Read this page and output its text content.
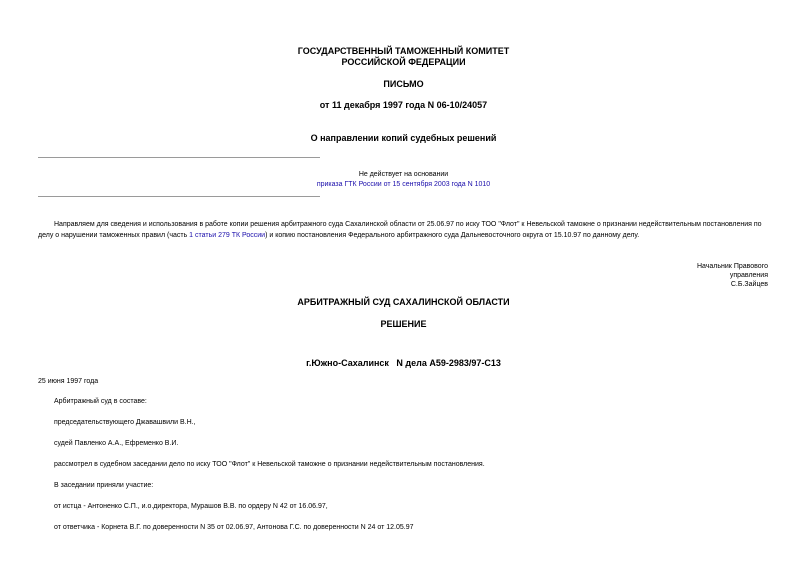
ГОСУДАРСТВЕННЫЙ ТАМОЖЕННЫЙ КОМИТЕТ
РОССИЙСКОЙ ФЕДЕРАЦИИ
ПИСЬМО
от 11 декабря 1997 года N 06-10/24057
О направлении копий судебных решений
Не действует на основании
приказа ГТК России от 15 сентября 2003 года N 1010
Направляем для сведения и использования в работе копии решения арбитражного суда Сахалинской области от 25.06.97 по иску ТОО "Флот" к Невельской таможне о признании недействительным постановления по делу о нарушении таможенных правил (часть 1 статьи 279 ТК России) и копию постановления Федерального арбитражного суда Дальневосточного округа от 15.10.97 по данному делу.
Начальник Правового
управления
С.Б.Зайцев
АРБИТРАЖНЫЙ СУД САХАЛИНСКОЙ ОБЛАСТИ
РЕШЕНИЕ
г.Южно-Сахалинск   N дела А59-2983/97-С13
25 июня 1997 года
Арбитражный суд в составе:
председательствующего Джавашвили В.Н.,
судей Павленко А.А., Ефременко В.И.
рассмотрел в судебном заседании дело по иску ТОО "Флот" к Невельской таможне о признании недействительным постановления.
В заседании приняли участие:
от истца - Антоненко С.П., и.о.директора, Мурашов В.В. по ордеру N 42 от 16.06.97,
от ответчика - Корнета В.Г. по доверенности N 35 от 02.06.97, Антонова Г.С. по доверенности N 24 от 12.05.97
